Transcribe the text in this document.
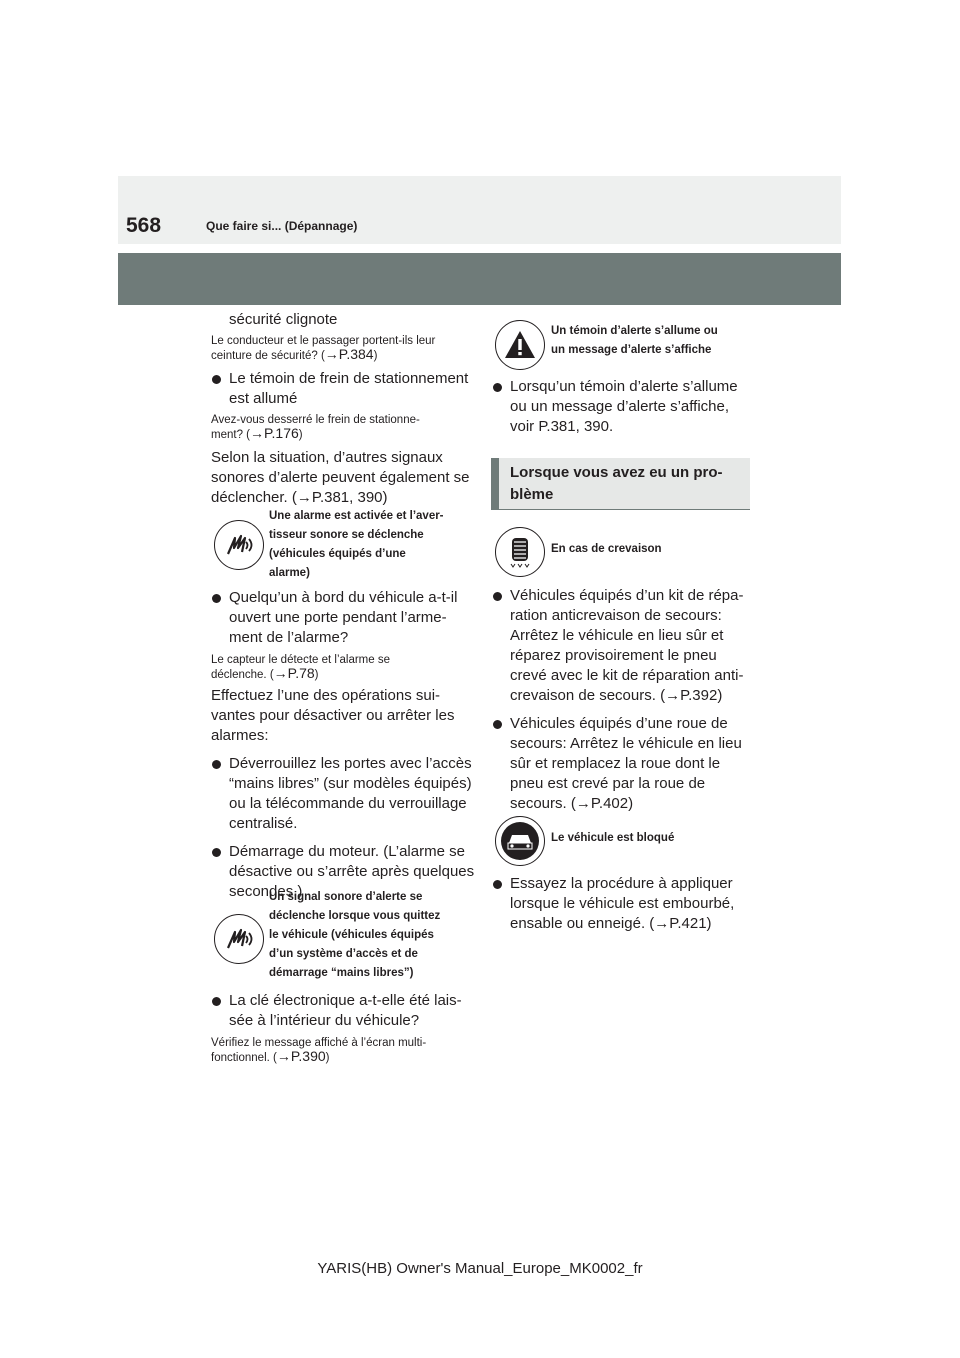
568	Que faire si... (Dépannage)

sécurité clignote

Le conducteur et le passager portent-ils leur

ceinture de sécurité? (→P.384)

Le témoin de frein de stationnement
est allumé

Avez-vous desserré le frein de stationne-

ment? (→P.176)

Selon la situation, d’autres signaux

sonores d’alerte peuvent également se

déclencher. (→P.381, 390)

Une alarme est activée et l’aver-
tisseur sonore se déclenche
(véhicules équipés d’une
alarme)

Quelqu’un à bord du véhicule a-t-il
ouvert une porte pendant l’arme-
ment de l’alarme?

Le capteur le détecte et l’alarme se

déclenche. (→P.78)

Effectuez l’une des opérations sui-

vantes pour désactiver ou arrêter les

alarmes:

Déverrouillez les portes avec l’accès
“mains libres” (sur modèles équipés)
ou la télécommande du verrouillage
centralisé.

Démarrage du moteur. (L’alarme se
désactive ou s’arrête après quelques
secondes.)

Un signal sonore d’alerte se
déclenche lorsque vous quittez
le véhicule (véhicules équipés
d’un système d’accès et de
démarrage “mains libres”)

La clé électronique a-t-elle été lais-
sée à l’intérieur du véhicule?

Vérifiez le message affiché à l’écran multi-

fonctionnel. (→P.390)

Un témoin d’alerte s’allume ou
un message d’alerte s’affiche

Lorsqu’un témoin d’alerte s’allume
ou un message d’alerte s’affiche,
voir P.381, 390.

Lorsque vous avez eu un pro-
blème
En cas de crevaison

Véhicules équipés d’un kit de répa-
ration anticrevaison de secours:
Arrêtez le véhicule en lieu sûr et
réparez provisoirement le pneu
crevé avec le kit de réparation anti-
crevaison de secours. (→P.392)

Véhicules équipés d’une roue de
secours: Arrêtez le véhicule en lieu
sûr et remplacez la roue dont le
pneu est crevé par la roue de
secours. (→P.402)

Le véhicule est bloqué

Essayez la procédure à appliquer
lorsque le véhicule est embourbé,
ensable ou enneigé. (→P.421)

YARIS(HB) Owner's Manual_Europe_MK0002_fr
